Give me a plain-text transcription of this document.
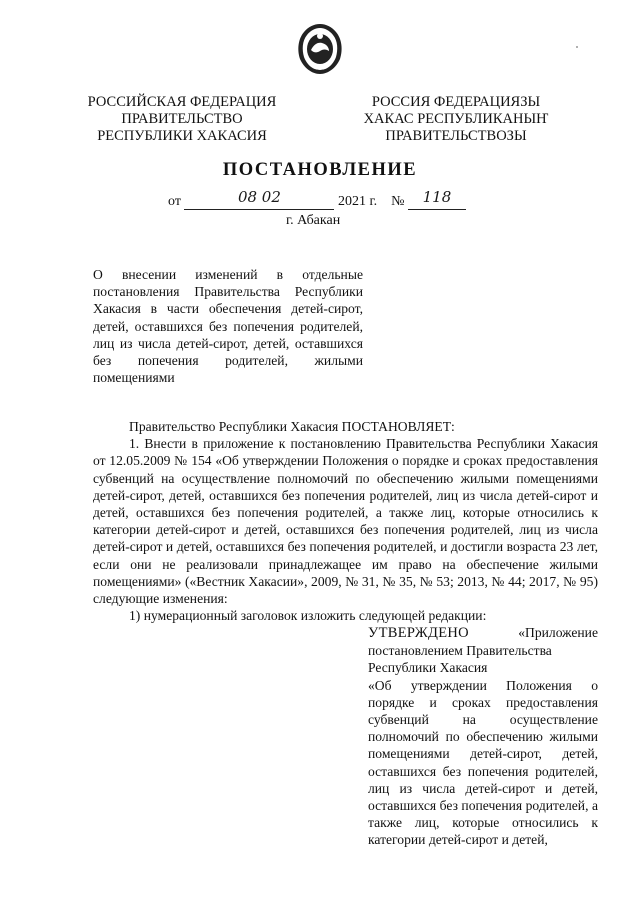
РОССИЙСКАЯ ФЕДЕРАЦИЯ
ПРАВИТЕЛЬСТВО
РЕСПУБЛИКИ ХАКАСИЯ
РОССИЯ ФЕДЕРАЦИЯЗЫ
ХАКАС РЕСПУБЛИКАНЫҤ
ПРАВИТЕЛЬСТВОЗЫ
ПОСТАНОВЛЕНИЕ
от	08 02	2021 г. № 118
г. Абакан
О внесении изменений в отдельные постановления Правительства Республики Хакасия в части обеспечения детей-сирот, детей, оставшихся без попечения родителей, лиц из числа детей-сирот, детей, оставшихся без попечения родителей, жилыми помещениями

Правительство Республики Хакасия ПОСТАНОВЛЯЕТ:

1. Внести в приложение к постановлению Правительства Республики Хакасия от 12.05.2009 № 154 «Об утверждении Положения о порядке и сроках предоставления субвенций на осуществление полномочий по обеспечению жилыми помещениями детей-сирот, детей, оставшихся без попечения родителей, лиц из числа детей-сирот и детей, оставшихся без попечения родителей, а также лиц, которые относились к категории детей-сирот и детей, оставшихся без попечения родителей, лиц из числа детей-сирот и детей, оставшихся без попечения родителей, и достигли возраста 23 лет, если они не реализовали принадлежащее им право на обеспечение жилыми помещениями» («Вестник Хакасии», 2009, № 31, № 35, № 53; 2013, № 44; 2017, № 95) следующие изменения:

1) нумерационный заголовок изложить следующей редакции:

«Приложение

УТВЕРЖДЕНО

постановлением Правительства

Республики Хакасия

«Об утверждении Положения о порядке и сроках предоставления субвенций на осуществление полномочий по обеспечению жилыми помещениями детей-сирот, детей, оставшихся без попечения родителей, лиц из числа детей-сирот и детей, оставшихся без попечения родителей, а также лиц, которые относились к категории детей-сирот и детей,
